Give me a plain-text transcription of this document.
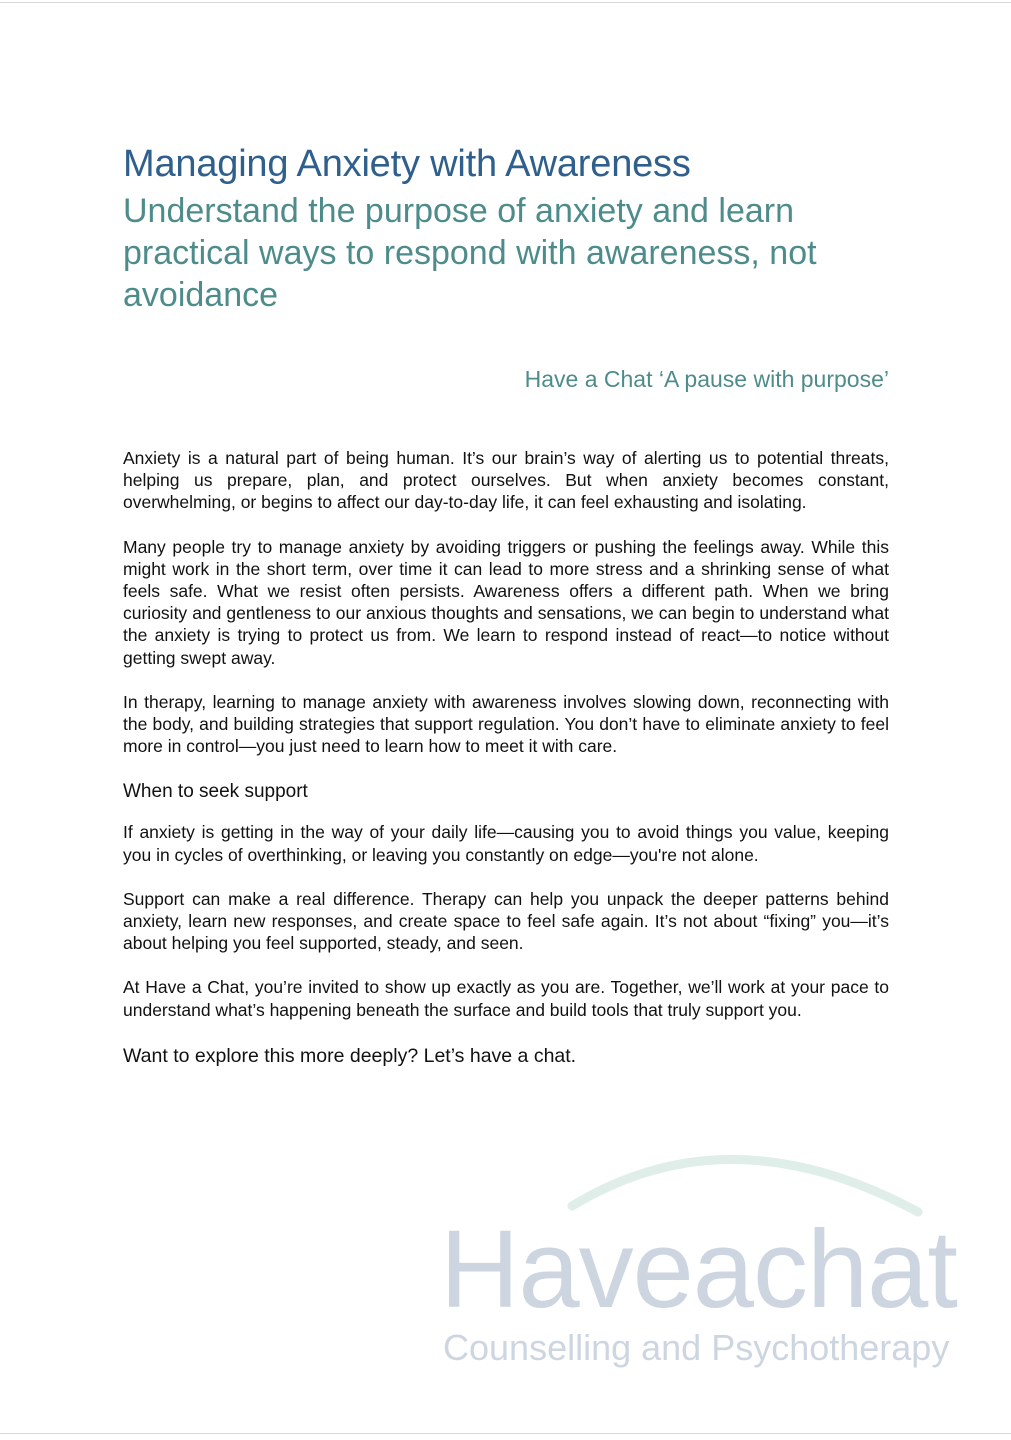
Managing Anxiety with Awareness
Understand the purpose of anxiety and learn practical ways to respond with awareness, not avoidance

Have a Chat ‘A pause with purpose’

Anxiety is a natural part of being human. It’s our brain’s way of alerting us to potential threats, helping us prepare, plan, and protect ourselves. But when anxiety becomes constant, overwhelming, or begins to affect our day-to-day life, it can feel exhausting and isolating.

Many people try to manage anxiety by avoiding triggers or pushing the feelings away. While this might work in the short term, over time it can lead to more stress and a shrinking sense of what feels safe. What we resist often persists. Awareness offers a different path. When we bring curiosity and gentleness to our anxious thoughts and sensations, we can begin to understand what the anxiety is trying to protect us from. We learn to respond instead of react—to notice without getting swept away.

In therapy, learning to manage anxiety with awareness involves slowing down, reconnecting with the body, and building strategies that support regulation. You don’t have to eliminate anxiety to feel more in control—you just need to learn how to meet it with care.

When to seek support

If anxiety is getting in the way of your daily life—causing you to avoid things you value, keeping you in cycles of overthinking, or leaving you constantly on edge—you're not alone.

Support can make a real difference. Therapy can help you unpack the deeper patterns behind anxiety, learn new responses, and create space to feel safe again. It’s not about “fixing” you—it’s about helping you feel supported, steady, and seen.

At Have a Chat, you’re invited to show up exactly as you are. Together, we’ll work at your pace to understand what’s happening beneath the surface and build tools that truly support you.

Want to explore this more deeply? Let’s have a chat.
Haveachat
Counselling and Psychotherapy
